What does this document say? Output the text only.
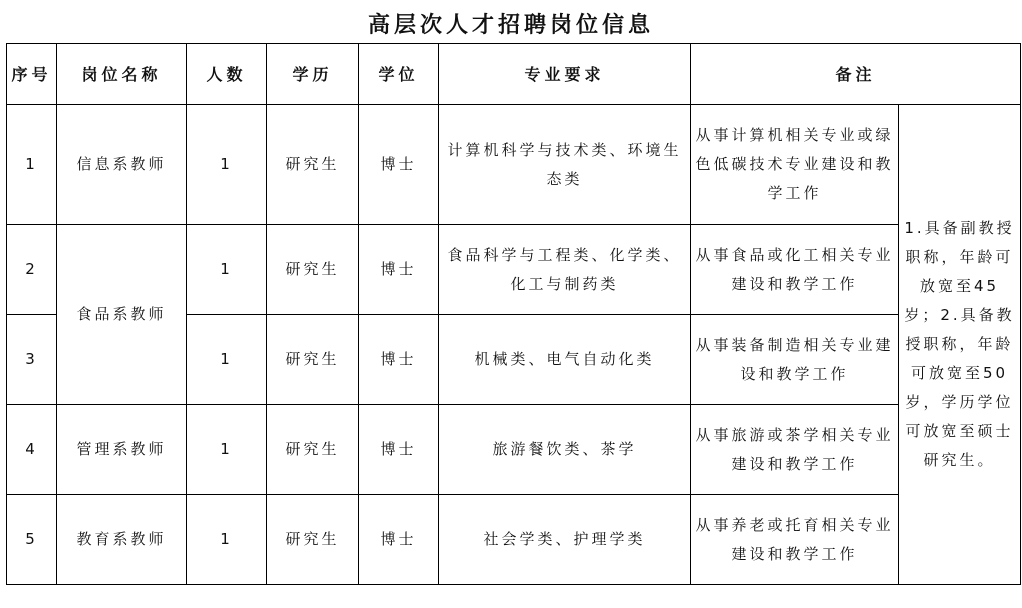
高层次人才招聘岗位信息
序号	岗位名称	人数	学历	学位	专业要求	备注	
1	信息系教师	1	研究生	博士	计算机科学与技术类、环境生态类	从事计算机相关专业或绿色低碳技术专业建设和教学工作	1.具备副教授职称，年龄可放宽至45岁；2.具备教授职称，年龄可放宽至50岁，学历学位可放宽至硕士研究生。
2	食品系教师	1	研究生	博士	食品科学与工程类、化学类、化工与制药类	从事食品或化工相关专业建设和教学工作	
3		1	研究生	博士	机械类、电气自动化类	从事装备制造相关专业建设和教学工作	
4	管理系教师	1	研究生	博士	旅游餐饮类、茶学	从事旅游或茶学相关专业建设和教学工作	
5	教育系教师	1	研究生	博士	社会学类、护理学类	从事养老或托育相关专业建设和教学工作	
